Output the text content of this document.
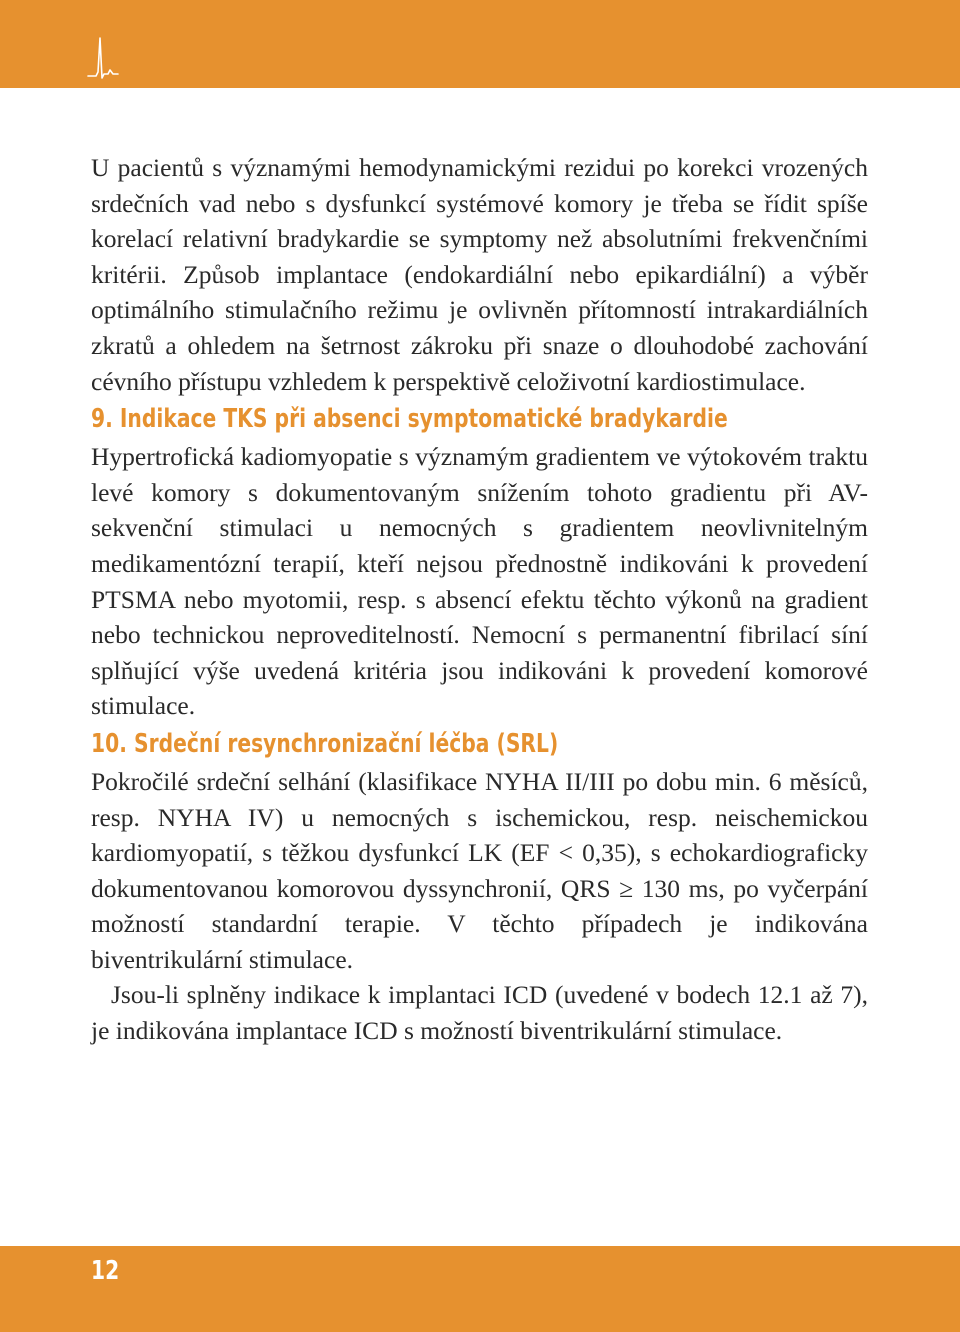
U pacientů s významými hemodynamickými rezidui po korekci vrozených srdečních vad nebo s dysfunkcí systémové komory je třeba se řídit spíše korelací relativní bradykardie se symptomy než absolutními frekvenčními kritérii. Způsob implantace (endokardiální nebo epikardiální) a výběr optimálního stimulačního režimu je ovlivněn přítomností intrakardiálních zkratů a ohledem na šetrnost zákroku při snaze o dlouhodobé zachování cévního přístupu vzhledem k perspektivě celoživotní kardiostimulace.

9. Indikace TKS při absenci symptomatické bradykardie

Hypertrofická kadiomyopatie s významým gradientem ve výtokovém traktu levé komory s dokumentovaným snížením tohoto gradientu při AV-sekvenční stimulaci u nemocných s gradientem neovlivnitelným medikamentózní terapií, kteří nejsou přednostně indikováni k provedení PTSMA nebo myotomii, resp. s absencí efektu těchto výkonů na gradient nebo technickou neproveditelností. Nemocní s permanentní fibrilací síní splňující výše uvedená kritéria jsou indikováni k provedení komorové stimulace.

10. Srdeční resynchronizační léčba (SRL)

Pokročilé srdeční selhání (klasifikace NYHA II/III po dobu min. 6 měsíců, resp. NYHA IV) u nemocných s ischemickou, resp. neischemickou kardiomyopatií, s těžkou dysfunkcí LK (EF < 0,35), s echokardiograficky dokumentovanou komorovou dyssynchronií, QRS ≥ 130 ms, po vyčerpání možností standardní terapie. V těchto případech je indikována biventrikulární stimulace.

Jsou-li splněny indikace k implantaci ICD (uvedené v bodech 12.1 až 7), je indikována implantace ICD s možností biventrikulární stimulace.

12
